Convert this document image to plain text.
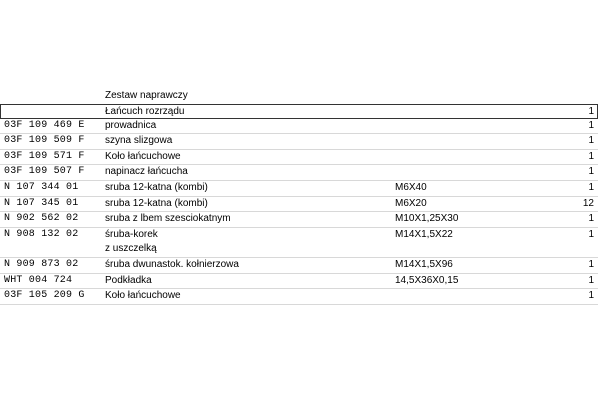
Zestaw naprawczy
Łańcuch rozrządu	1
03F 109 469 E prowadnica	1
03F 109 509 F szyna slizgowa	1
03F 109 571 F Koło łańcuchowe	1
03F 109 507 F napinacz łańcucha	1
N 107 344 01	sruba 12-katna (kombi)	M6X40	1
N 107 345 01	sruba 12-katna (kombi)	M6X20	12
N 902 562 02	sruba z lbem szesciokatnym	M10X1,25X30	1
N 908 132 02	śruba-korek	M14X1,5X22	1
z uszczelką
N 909 873 02	śruba dwunastok. kołnierzowa	M14X1,5X96	1
WHT 004 724	Podkładka	14,5X36X0,15	1
03F 105 209 G Koło łańcuchowe	1
